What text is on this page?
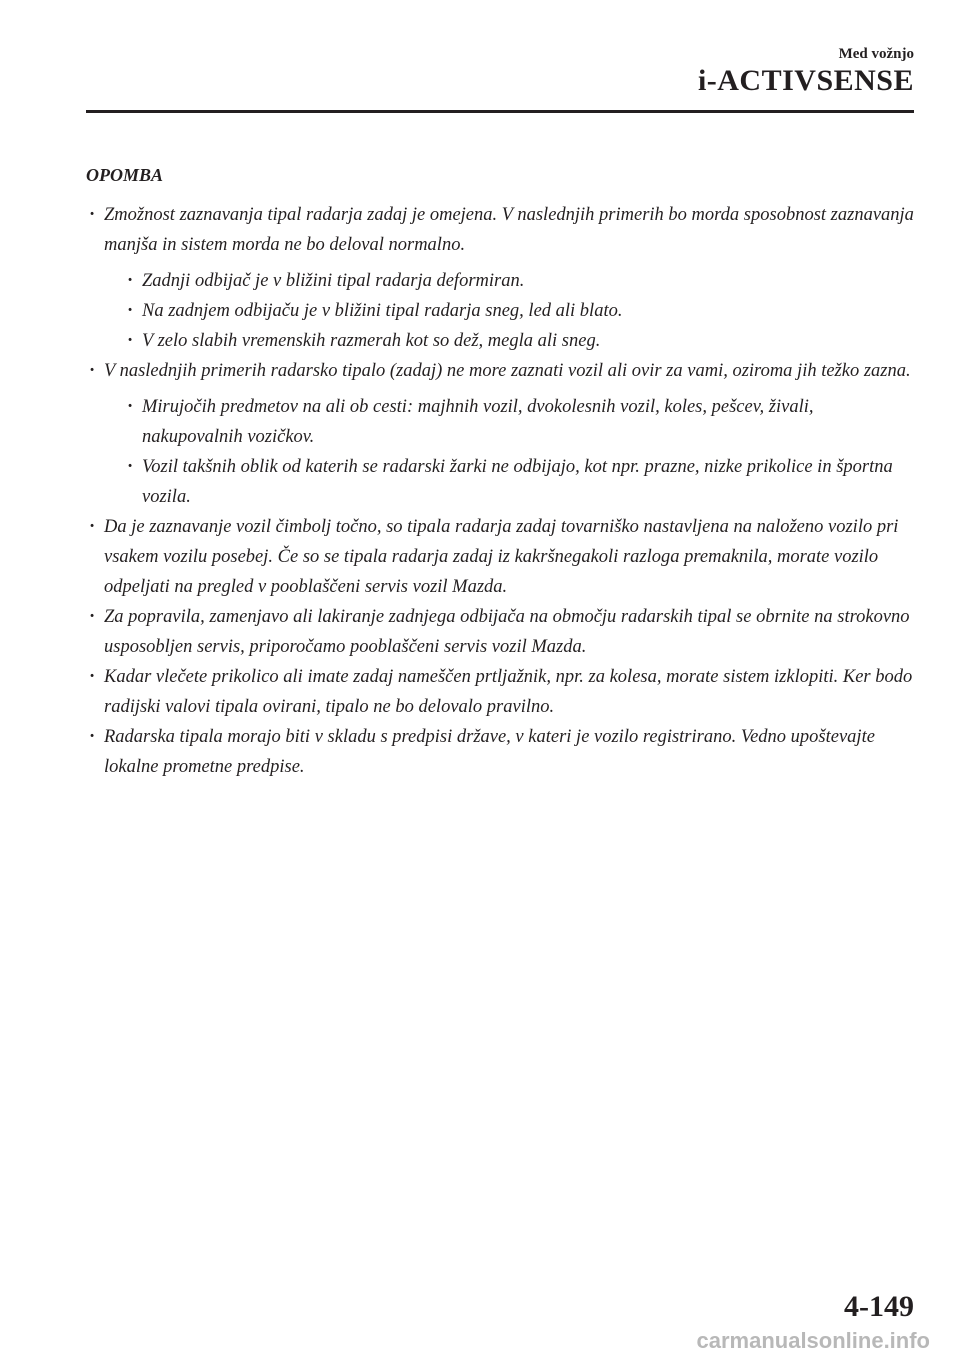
Med vožnjo
i-ACTIVSENSE
OPOMBA
· Zmožnost zaznavanja tipal radarja zadaj je omejena. V naslednjih primerih bo morda sposobnost zaznavanja manjša in sistem morda ne bo deloval normalno.
· Zadnji odbijač je v bližini tipal radarja deformiran.
· Na zadnjem odbijaču je v bližini tipal radarja sneg, led ali blato.
· V zelo slabih vremenskih razmerah kot so dež, megla ali sneg.
· V naslednjih primerih radarsko tipalo (zadaj) ne more zaznati vozil ali ovir za vami, oziroma jih težko zazna.
· Mirujočih predmetov na ali ob cesti: majhnih vozil, dvokolesnih vozil, koles, pešcev, živali, nakupovalnih vozičkov.
· Vozil takšnih oblik od katerih se radarski žarki ne odbijajo, kot npr. prazne, nizke prikolice in športna vozila.
· Da je zaznavanje vozil čimbolj točno, so tipala radarja zadaj tovarniško nastavljena na naloženo vozilo pri vsakem vozilu posebej. Če so se tipala radarja zadaj iz kakršnegakoli razloga premaknila, morate vozilo odpeljati na pregled v pooblaščeni servis vozil Mazda.
· Za popravila, zamenjavo ali lakiranje zadnjega odbijača na območju radarskih tipal se obrnite na strokovno usposobljen servis, priporočamo pooblaščeni servis vozil Mazda.
· Kadar vlečete prikolico ali imate zadaj nameščen prtljažnik, npr. za kolesa, morate sistem izklopiti. Ker bodo radijski valovi tipala ovirani, tipalo ne bo delovalo pravilno.
· Radarska tipala morajo biti v skladu s predpisi države, v kateri je vozilo registrirano. Vedno upoštevajte lokalne prometne predpise.
4-149
carmanualsonline.info
